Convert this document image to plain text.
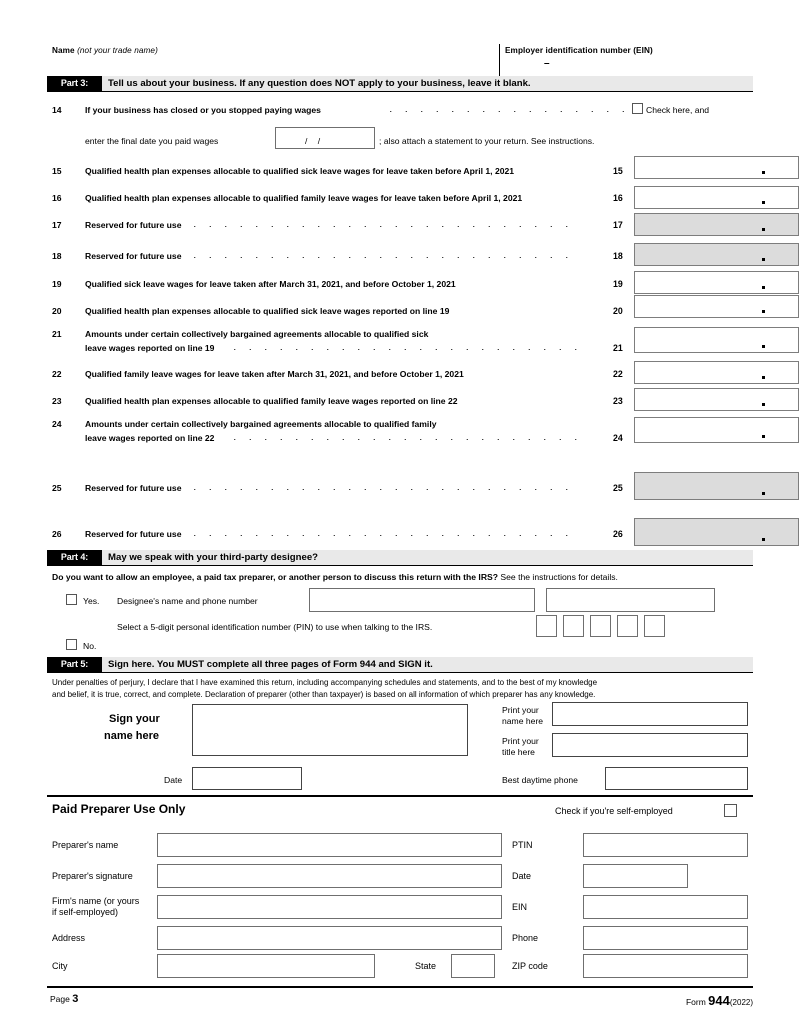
Name (not your trade name)	Employer identification number (EIN)
–
Part 3:	Tell us about your business. If any question does NOT apply to your business, leave it blank.
14	If your business has closed or you stopped paying wages	Check here, and
enter the final date you paid wages	/ /	; also attach a statement to your return. See instructions.
15	Qualified health plan expenses allocable to qualified sick leave wages for leave taken before April 1, 2021	15
16	Qualified health plan expenses allocable to qualified family leave wages for leave taken before April 1, 2021	16
17	Reserved for future use	17
18	Reserved for future use	18
19	Qualified sick leave wages for leave taken after March 31, 2021, and before October 1, 2021	19
20	Qualified health plan expenses allocable to qualified sick leave wages reported on line 19	20
21	Amounts under certain collectively bargained agreements allocable to qualified sick
leave wages reported on line 19	21
22	Qualified family leave wages for leave taken after March 31, 2021, and before October 1, 2021	22
23	Qualified health plan expenses allocable to qualified family leave wages reported on line 22	23
24	Amounts under certain collectively bargained agreements allocable to qualified family
leave wages reported on line 22	24
25	Reserved for future use	25
26	Reserved for future use	26
Part 4:	May we speak with your third-party designee?
Do you want to allow an employee, a paid tax preparer, or another person to discuss this return with the IRS? See the instructions for details.
Yes. Designee's name and phone number
Select a 5-digit personal identification number (PIN) to use when talking to the IRS.
No.
Part 5:	Sign here. You MUST complete all three pages of Form 944 and SIGN it.
Under penalties of perjury, I declare that I have examined this return, including accompanying schedules and statements, and to the best of my knowledge
and belief, it is true, correct, and complete. Declaration of preparer (other than taxpayer) is based on all information of which preparer has any knowledge.
Sign your
name here
Date
Print your
name here
Print your
title here
Best daytime phone
Paid Preparer Use Only	Check if you're self-employed
Preparer's name
Preparer's signature
Firm's name (or yours
if self-employed)
Address
City
PTIN
Date
EIN
Phone
ZIP code
State
Page 3	Form 944(2022)
